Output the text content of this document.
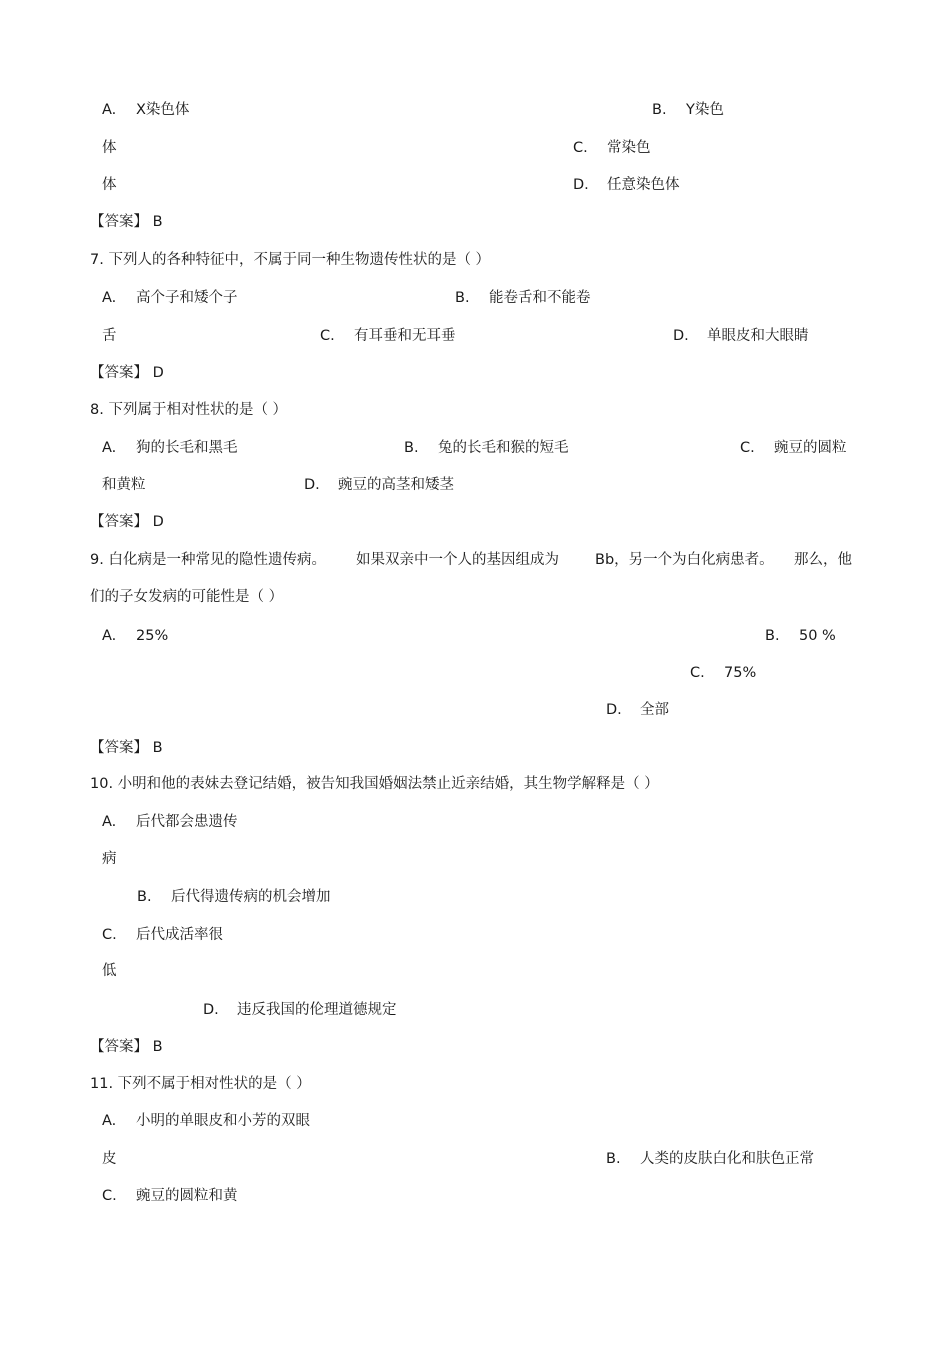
A. X染色体	B. Y染色
体	C. 常染色
体	D. 任意染色体
【答案】 B
7. 下列人的各种特征中，不属于同一种生物遗传性状的是（ ）
A. 高个子和矮个子	B. 能卷舌和不能卷
舌	C. 有耳垂和无耳垂	D. 单眼皮和大眼睛
【答案】 D
8. 下列属于相对性状的是（ ）
A. 狗的长毛和黑毛	B. 兔的长毛和猴的短毛	C. 豌豆的圆粒
和黄粒	D. 豌豆的高茎和矮茎
【答案】 D
9. 白化病是一种常见的隐性遗传病。 如果双亲中一个人的基因组成为 Bb，另一个为白化病患者。 那么，他
们的子女发病的可能性是（ ）
A. 25%	B. 50 %
C. 75%
D. 全部
【答案】 B
10. 小明和他的表妹去登记结婚，被告知我国婚姻法禁止近亲结婚，其生物学解释是（ ）
A. 后代都会患遗传
病
B. 后代得遗传病的机会增加
C. 后代成活率很
低
D. 违反我国的伦理道德规定
【答案】 B
11. 下列不属于相对性状的是（ ）
A. 小明的单眼皮和小芳的双眼
皮	B. 人类的皮肤白化和肤色正常
C. 豌豆的圆粒和黄
